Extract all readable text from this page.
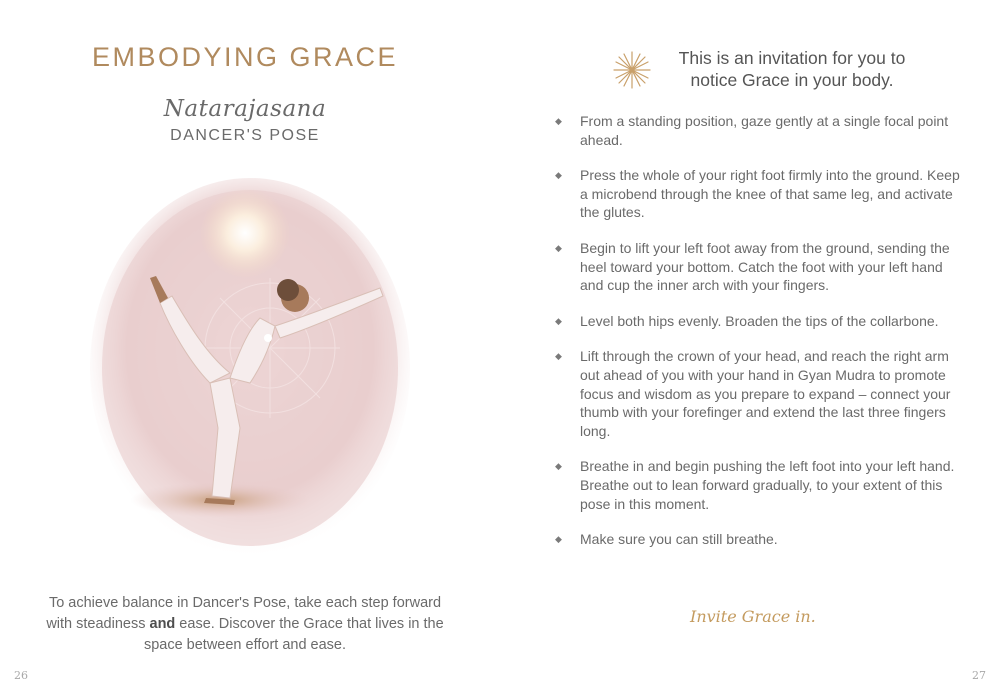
EMBODYING GRACE
Natarajasana
DANCER'S POSE
To achieve balance in Dancer's Pose, take each step forward with steadiness and ease. Discover the Grace that lives in the space between effort and ease.
26
This is an invitation for you to
notice Grace in your body.
◆ From a standing position, gaze gently at a single focal point ahead.
◆ Press the whole of your right foot firmly into the ground. Keep a microbend through the knee of that same leg, and activate the glutes.
◆ Begin to lift your left foot away from the ground, sending the heel toward your bottom. Catch the foot with your left hand and cup the inner arch with your fingers.
◆ Level both hips evenly. Broaden the tips of the collarbone.
◆ Lift through the crown of your head, and reach the right arm out ahead of you with your hand in Gyan Mudra to promote focus and wisdom as you prepare to expand – connect your thumb with your forefinger and extend the last three fingers long.
◆ Breathe in and begin pushing the left foot into your left hand. Breathe out to lean forward gradually, to your extent of this pose in this moment.
◆ Make sure you can still breathe.
Invite Grace in.
27
